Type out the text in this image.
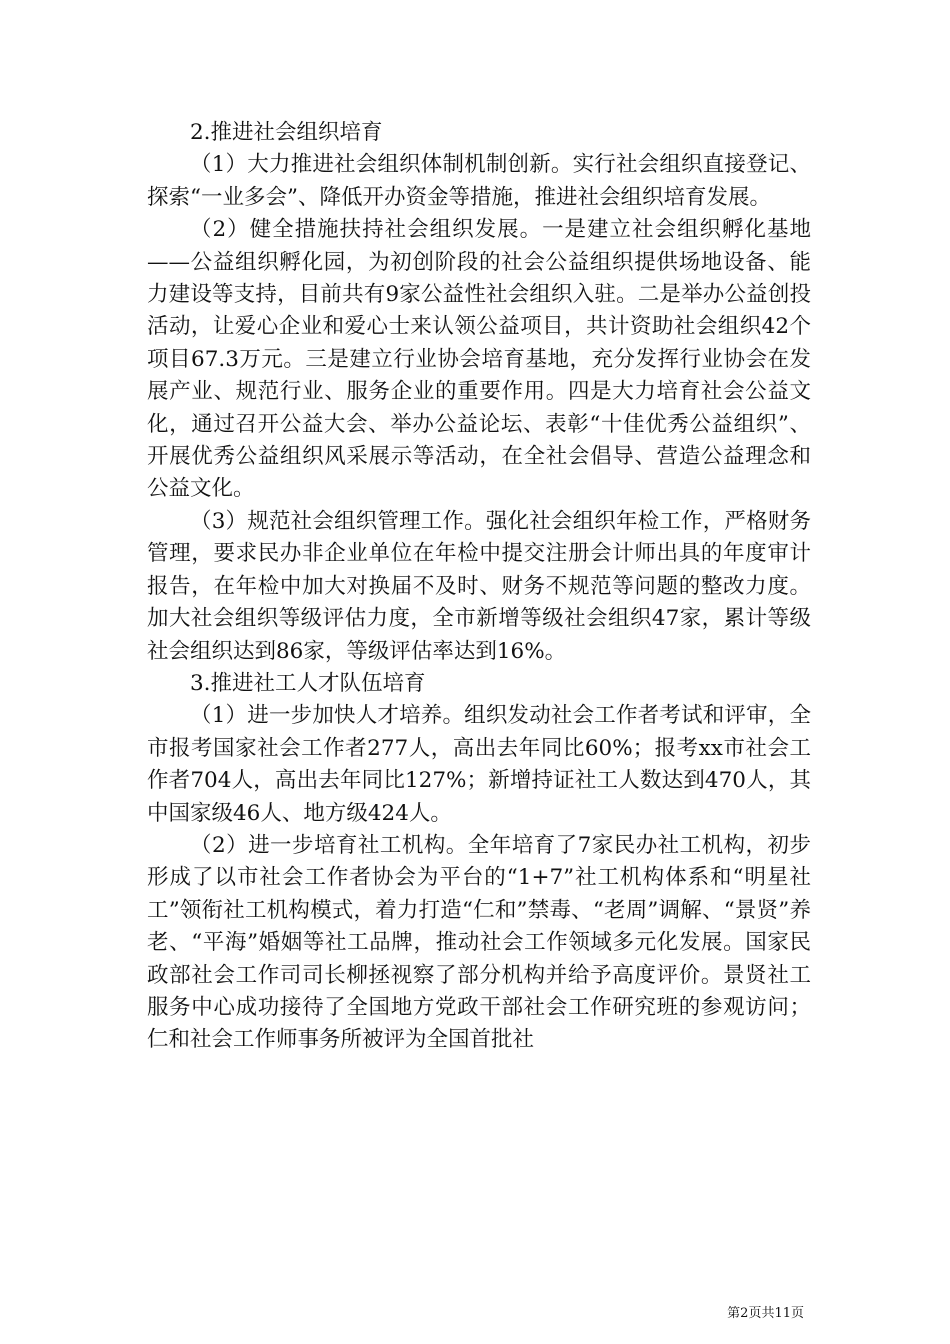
2.推进社会组织培育

（1）大力推进社会组织体制机制创新。实行社会组织直接登记、探索“一业多会”、降低开办资金等措施，推进社会组织培育发展。

（2）健全措施扶持社会组织发展。一是建立社会组织孵化基地——公益组织孵化园，为初创阶段的社会公益组织提供场地设备、能力建设等支持，目前共有9家公益性社会组织入驻。二是举办公益创投活动，让爱心企业和爱心士来认领公益项目，共计资助社会组织42个项目67.3万元。三是建立行业协会培育基地，充分发挥行业协会在发展产业、规范行业、服务企业的重要作用。四是大力培育社会公益文化，通过召开公益大会、举办公益论坛、表彰“十佳优秀公益组织”、开展优秀公益组织风采展示等活动，在全社会倡导、营造公益理念和公益文化。

（3）规范社会组织管理工作。强化社会组织年检工作，严格财务管理，要求民办非企业单位在年检中提交注册会计师出具的年度审计报告，在年检中加大对换届不及时、财务不规范等问题的整改力度。加大社会组织等级评估力度，全市新增等级社会组织47家，累计等级社会组织达到86家，等级评估率达到16%。

3.推进社工人才队伍培育

（1）进一步加快人才培养。组织发动社会工作者考试和评审，全市报考国家社会工作者277人，高出去年同比60%；报考xx市社会工作者704人，高出去年同比127%；新增持证社工人数达到470人，其中国家级46人、地方级424人。

（2）进一步培育社工机构。全年培育了7家民办社工机构，初步形成了以市社会工作者协会为平台的“1+7”社工机构体系和“明星社工”领衔社工机构模式，着力打造“仁和”禁毒、“老周”调解、“景贤”养老、“平海”婚姻等社工品牌，推动社会工作领域多元化发展。国家民政部社会工作司司长柳拯视察了部分机构并给予高度评价。景贤社工服务中心成功接待了全国地方党政干部社会工作研究班的参观访问；仁和社会工作师事务所被评为全国首批社

第2页共11页
